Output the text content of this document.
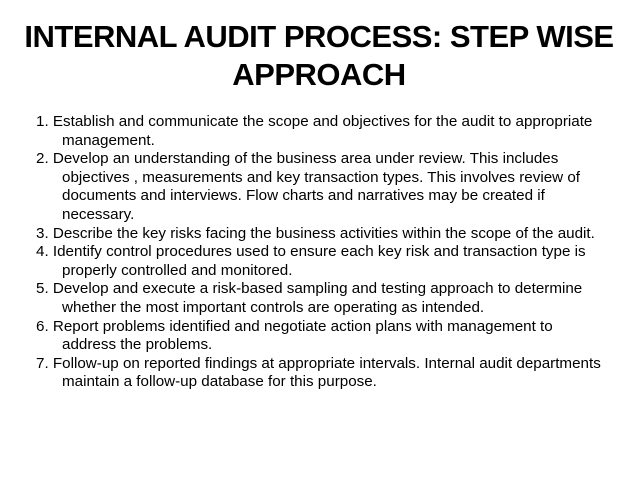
INTERNAL AUDIT PROCESS: STEP WISE APPROACH
1. Establish and communicate the scope and objectives for the audit to appropriate management.
2. Develop an understanding of the business area under review. This includes objectives , measurements and key transaction types. This involves review of documents and interviews. Flow charts and narratives may be created if necessary.
3. Describe the key risks facing the business activities within the scope of the audit.
4. Identify control procedures used to ensure each key risk and transaction type is properly controlled and monitored.
5. Develop and execute a risk-based sampling and testing approach to determine whether the most important controls are operating as intended.
6. Report problems identified and negotiate action plans with management to address the problems.
7. Follow-up on reported findings at appropriate intervals. Internal audit departments maintain a follow-up database for this purpose.
